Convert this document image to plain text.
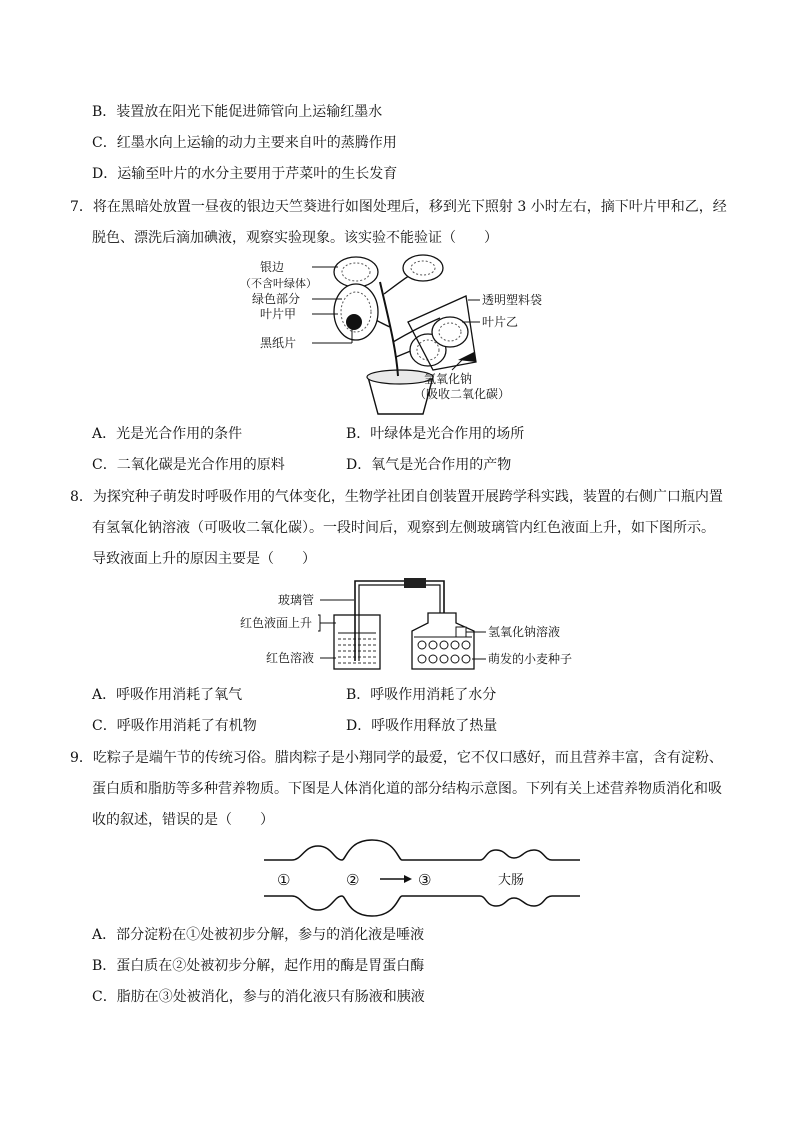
B．装置放在阳光下能促进筛管向上运输红墨水
C．红墨水向上运输的动力主要来自叶的蒸腾作用
D．运输至叶片的水分主要用于芹菜叶的生长发育
7．将在黑暗处放置一昼夜的银边天竺葵进行如图处理后，移到光下照射 3 小时左右，摘下叶片甲和乙，经
脱色、漂洗后滴加碘液，观察实验现象。该实验不能验证（　　）
银边
（不含叶绿体）
绿色部分
叶片甲
黑纸片
透明塑料袋
叶片乙
氢氧化钠
（吸收二氧化碳）
A．光是光合作用的条件	B．叶绿体是光合作用的场所
C．二氧化碳是光合作用的原料	D．氧气是光合作用的产物
8．为探究种子萌发时呼吸作用的气体变化，生物学社团自创装置开展跨学科实践，装置的右侧广口瓶内置
有氢氧化钠溶液（可吸收二氧化碳）。一段时间后，观察到左侧玻璃管内红色液面上升，如下图所示。
导致液面上升的原因主要是（　　）
玻璃管
红色液面上升
红色溶液
氢氧化钠溶液
萌发的小麦种子
A．呼吸作用消耗了氧气	B．呼吸作用消耗了水分
C．呼吸作用消耗了有机物	D．呼吸作用释放了热量
9．吃粽子是端午节的传统习俗。腊肉粽子是小翔同学的最爱，它不仅口感好，而且营养丰富，含有淀粉、
蛋白质和脂肪等多种营养物质。下图是人体消化道的部分结构示意图。下列有关上述营养物质消化和吸
收的叙述，错误的是（　　）
①	②	③	大肠
A．部分淀粉在①处被初步分解，参与的消化液是唾液
B．蛋白质在②处被初步分解，起作用的酶是胃蛋白酶
C．脂肪在③处被消化，参与的消化液只有肠液和胰液
